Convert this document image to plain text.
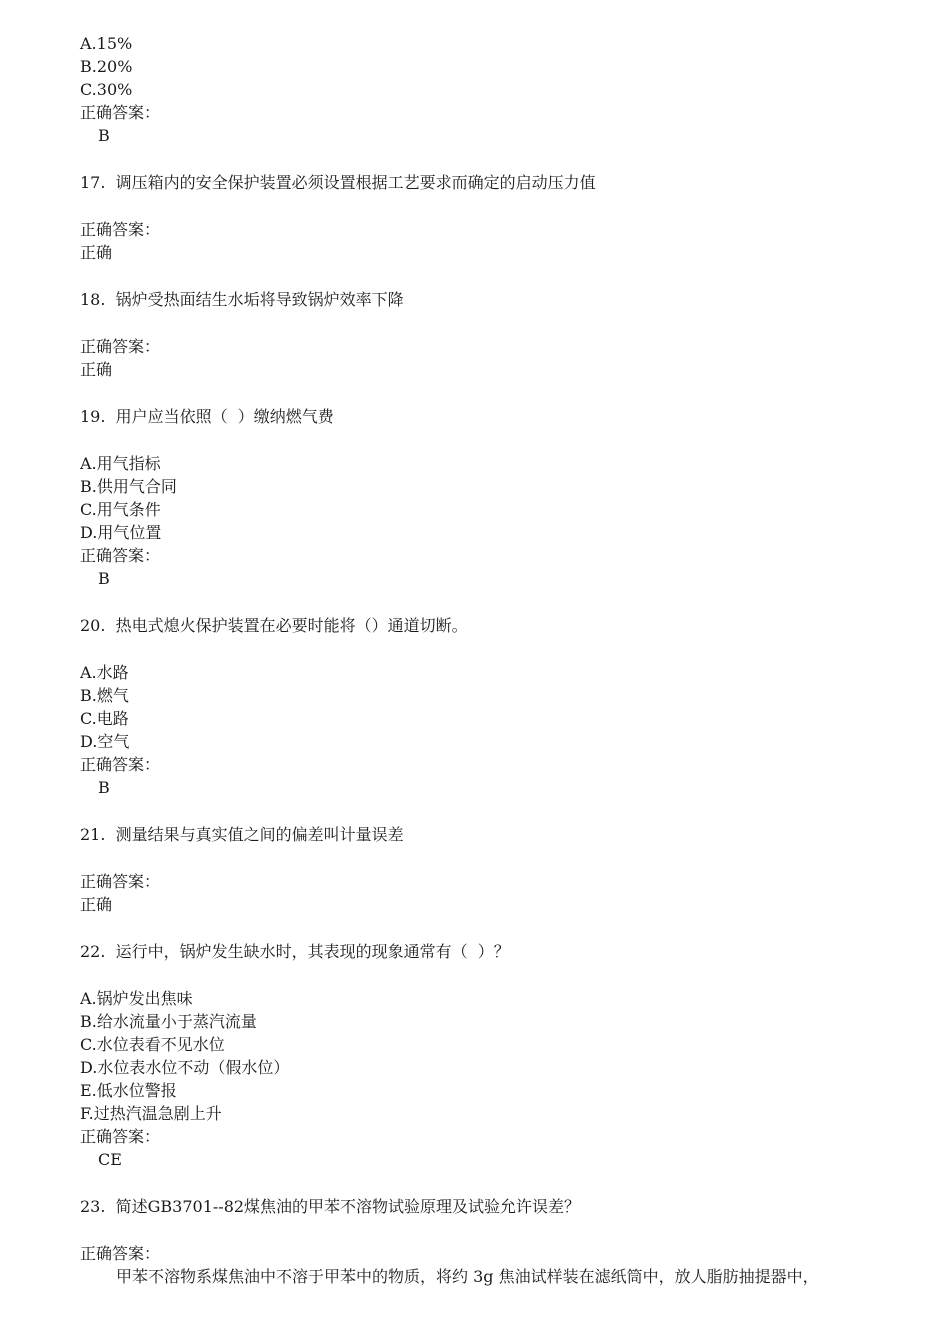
A.15%
B.20%
C.30%
正确答案：
B
17.  调压箱内的安全保护装置必须设置根据工艺要求而确定的启动压力值
正确答案：
正确
18.  锅炉受热面结生水垢将导致锅炉效率下降
正确答案：
正确
19.  用户应当依照（  ）缴纳燃气费
A.用气指标
B.供用气合同
C.用气条件
D.用气位置
正确答案：
B
20.  热电式熄火保护装置在必要时能将（）通道切断。
A.水路
B.燃气
C.电路
D.空气
正确答案：
B
21.  测量结果与真实值之间的偏差叫计量误差
正确答案：
正确
22.  运行中，锅炉发生缺水时，其表现的现象通常有（  ）？
A.锅炉发出焦味
B.给水流量小于蒸汽流量
C.水位表看不见水位
D.水位表水位不动（假水位）
E.低水位警报
F.过热汽温急剧上升
正确答案：
CE
23.  简述GB3701--82煤焦油的甲苯不溶物试验原理及试验允许误差？
正确答案：
甲苯不溶物系煤焦油中不溶于甲苯中的物质，将约 3g 焦油试样装在滤纸筒中，放人脂肪抽提器中，
